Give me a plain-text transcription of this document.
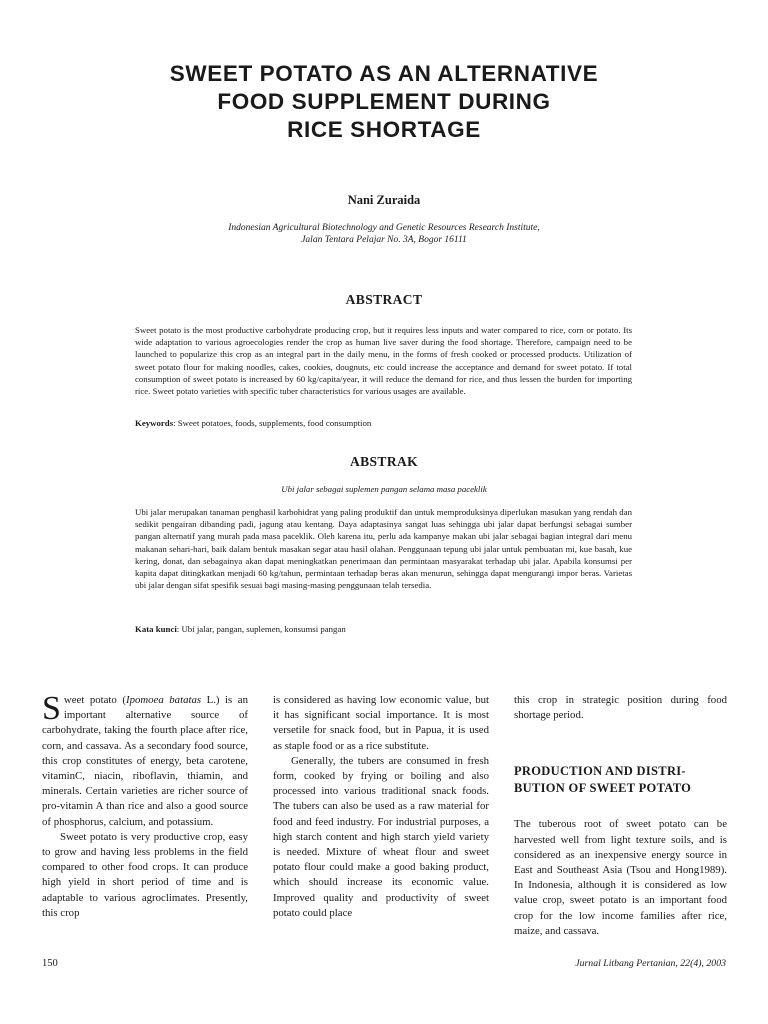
SWEET POTATO AS AN ALTERNATIVE
FOOD SUPPLEMENT DURING
RICE SHORTAGE

Nani Zuraida

Indonesian Agricultural Biotechnology and Genetic Resources Research Institute,
Jalan Tentara Pelajar No. 3A, Bogor 16111

ABSTRACT

Sweet potato is the most productive carbohydrate producing crop, but it requires less inputs and water compared to rice, corn or potato. Its wide adaptation to various agroecologies render the crop as human live saver during the food shortage. Therefore, campaign need to be launched to popularize this crop as an integral part in the daily menu, in the forms of fresh cooked or processed products. Utilization of sweet potato flour for making noodles, cakes, cookies, dougnuts, etc could increase the acceptance and demand for sweet potato. If total consumption of sweet potato is increased by 60 kg/capita/year, it will reduce the demand for rice, and thus lessen the burden for importing rice. Sweet potato varieties with specific tuber characteristics for various usages are available.

Keywords: Sweet potatoes, foods, supplements, food consumption

ABSTRAK

Ubi jalar sebagai suplemen pangan selama masa paceklik

Ubi jalar merupakan tanaman penghasil karbohidrat yang paling produktif dan untuk memproduksinya diperlukan masukan yang rendah dan sedikit pengairan dibanding padi, jagung atau kentang. Daya adaptasinya sangat luas sehingga ubi jalar dapat berfungsi sebagai sumber pangan alternatif yang murah pada masa paceklik. Oleh karena itu, perlu ada kampanye makan ubi jalar sebagai bagian integral dari menu makanan sehari-hari, baik dalam bentuk masakan segar atau hasil olahan. Penggunaan tepung ubi jalar untuk pembuatan mi, kue basah, kue kering, donat, dan sebagainya akan dapat meningkatkan penerimaan dan permintaan masyarakat terhadap ubi jalar. Apabila konsumsi per kapita dapat ditingkatkan menjadi 60 kg/tahun, permintaan terhadap beras akan menurun, sehingga dapat mengurangi impor beras. Varietas ubi jalar dengan sifat spesifik sesuai bagi masing-masing penggunaan telah tersedia.

Kata kunci: Ubi jalar, pangan, suplemen, konsumsi pangan

Sweet potato (Ipomoea batatas L.) is an important alternative source of carbohydrate, taking the fourth place after rice, corn, and cassava. As a secondary food source, this crop constitutes of energy, beta carotene, vitaminC, niacin, riboflavin, thiamin, and minerals. Certain varieties are richer source of pro-vitamin A than rice and also a good source of phosphorus, calcium, and potassium.

Sweet potato is very productive crop, easy to grow and having less problems in the field compared to other food crops. It can produce high yield in short period of time and is adaptable to various agroclimates. Presently, this crop

is considered as having low economic value, but it has significant social importance. It is most versetile for snack food, but in Papua, it is used as staple food or as a rice substitute.

Generally, the tubers are consumed in fresh form, cooked by frying or boiling and also processed into various traditional snack foods. The tubers can also be used as a raw material for food and feed industry. For industrial purposes, a high starch content and high starch yield variety is needed. Mixture of wheat flour and sweet potato flour could make a good baking product, which should increase its economic value. Improved quality and productivity of sweet potato could place

this crop in strategic position during food shortage period.

PRODUCTION AND DISTRI-
BUTION OF SWEET POTATO

The tuberous root of sweet potato can be harvested well from light texture soils, and is considered as an inexpensive energy source in East and Southeast Asia (Tsou and Hong1989). In Indonesia, although it is considered as low value crop, sweet potato is an important food crop for the low income families after rice, maize, and cassava.

150	Jurnal Litbang Pertanian, 22(4), 2003
